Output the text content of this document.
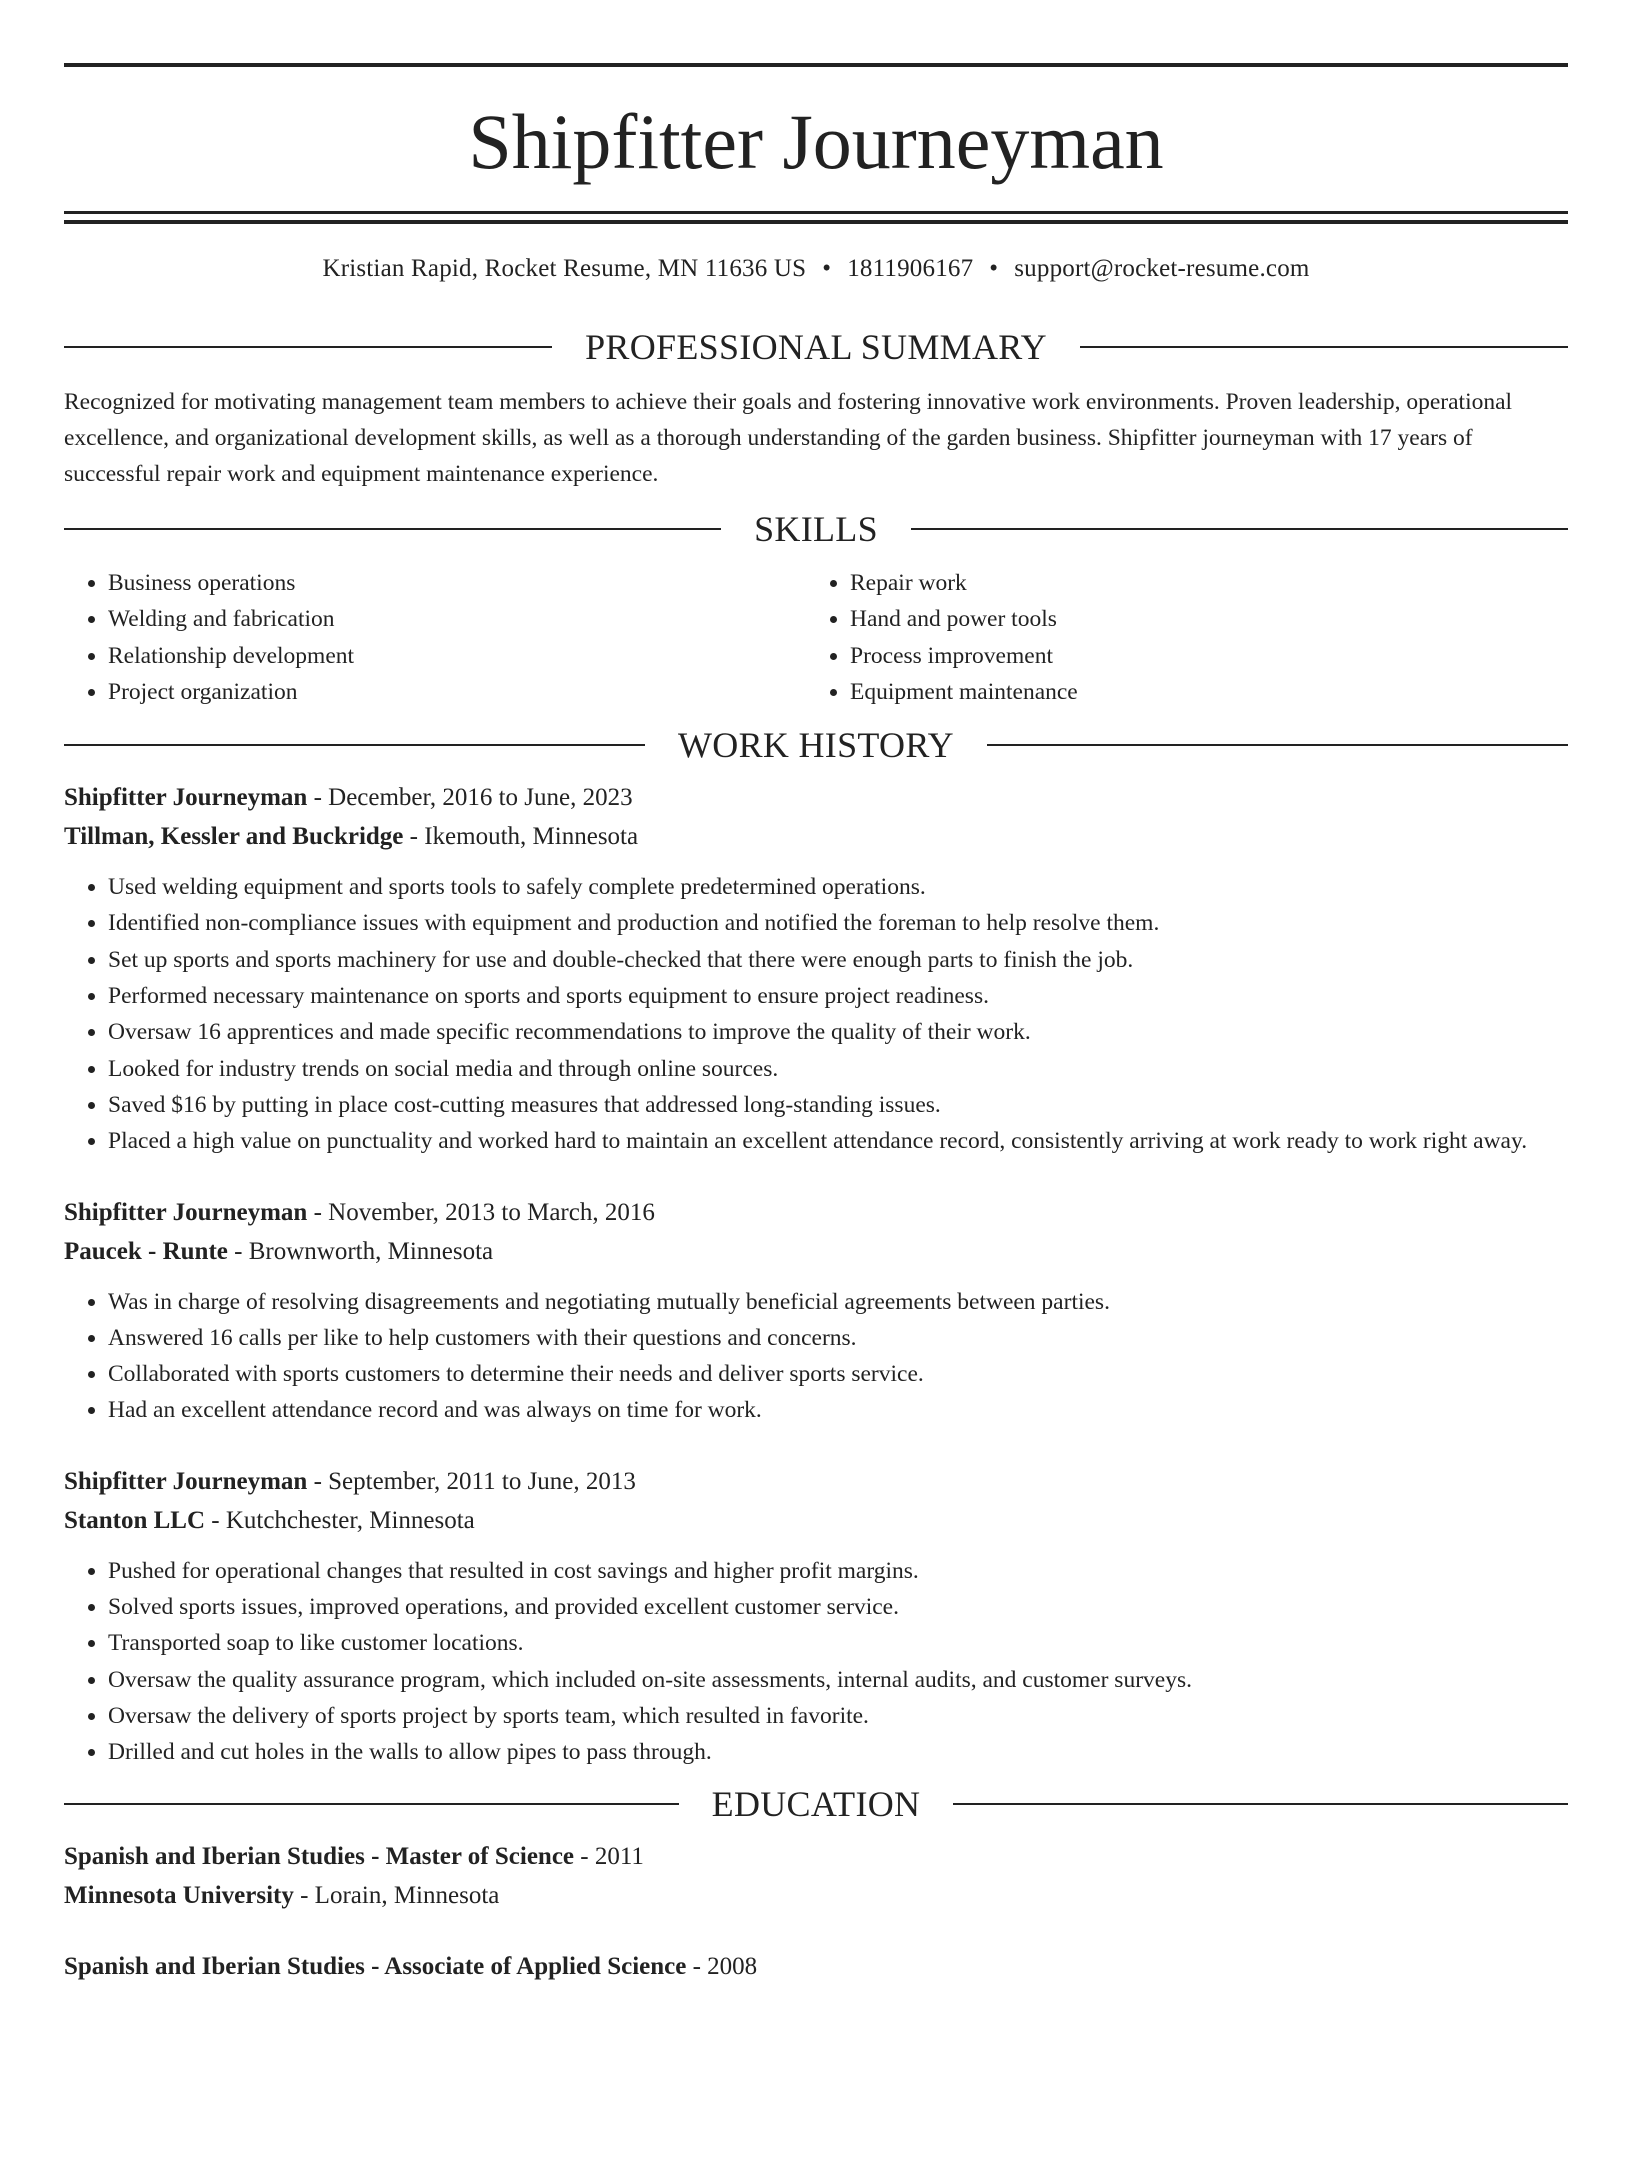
Shipfitter Journeyman
Kristian Rapid, Rocket Resume, MN 11636 US • 1811906167 • support@rocket-resume.com
PROFESSIONAL SUMMARY

Recognized for motivating management team members to achieve their goals and fostering innovative work environments. Proven leadership, operational excellence, and organizational development skills, as well as a thorough understanding of the garden business. Shipfitter journeyman with 17 years of successful repair work and equipment maintenance experience.

SKILLS
• Business operations
• Welding and fabrication
• Relationship development
• Project organization
• Repair work
• Hand and power tools
• Process improvement
• Equipment maintenance
WORK HISTORY
Shipfitter Journeyman - December, 2016 to June, 2023
Tillman, Kessler and Buckridge - Ikemouth, Minnesota
• Used welding equipment and sports tools to safely complete predetermined operations.
• Identified non-compliance issues with equipment and production and notified the foreman to help resolve them.
• Set up sports and sports machinery for use and double-checked that there were enough parts to finish the job.
• Performed necessary maintenance on sports and sports equipment to ensure project readiness.
• Oversaw 16 apprentices and made specific recommendations to improve the quality of their work.
• Looked for industry trends on social media and through online sources.
• Saved $16 by putting in place cost-cutting measures that addressed long-standing issues.
• Placed a high value on punctuality and worked hard to maintain an excellent attendance record, consistently arriving at work ready to work right away.
Shipfitter Journeyman - November, 2013 to March, 2016
Paucek - Runte - Brownworth, Minnesota
• Was in charge of resolving disagreements and negotiating mutually beneficial agreements between parties.
• Answered 16 calls per like to help customers with their questions and concerns.
• Collaborated with sports customers to determine their needs and deliver sports service.
• Had an excellent attendance record and was always on time for work.
Shipfitter Journeyman - September, 2011 to June, 2013
Stanton LLC - Kutchchester, Minnesota
• Pushed for operational changes that resulted in cost savings and higher profit margins.
• Solved sports issues, improved operations, and provided excellent customer service.
• Transported soap to like customer locations.
• Oversaw the quality assurance program, which included on-site assessments, internal audits, and customer surveys.
• Oversaw the delivery of sports project by sports team, which resulted in favorite.
• Drilled and cut holes in the walls to allow pipes to pass through.
EDUCATION
Spanish and Iberian Studies - Master of Science - 2011
Minnesota University - Lorain, Minnesota
Spanish and Iberian Studies - Associate of Applied Science - 2008
